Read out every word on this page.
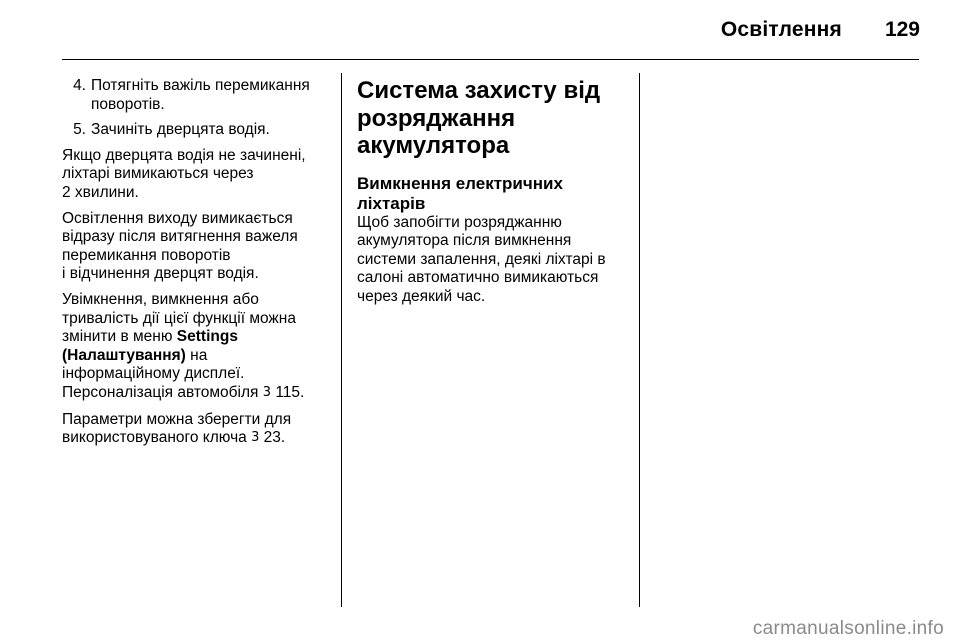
Освітлення 129
4. Потягніть важіль перемикання поворотів.
5. Зачиніть дверцята водія.

Якщо дверцята водія не зачинені, ліхтарі вимикаються через
2 хвилини.

Освітлення виходу вимикається відразу після витягнення важеля перемикання поворотів
і відчинення дверцят водія.

Увімкнення, вимкнення або тривалість дії цієї функції можна змінити в меню Settings (Налаштування) на
інформаційному дисплеї.
Персоналізація автомобіля 3 115.

Параметри можна зберегти для використовуваного ключа 3 23.

Система захисту від розряджання акумулятора
Вимкнення електричних ліхтарів

Щоб запобігти розряджанню акумулятора після вимкнення системи запалення, деякі ліхтарі в салоні автоматично вимикаються через деякий час.

carmanualsonline.info
